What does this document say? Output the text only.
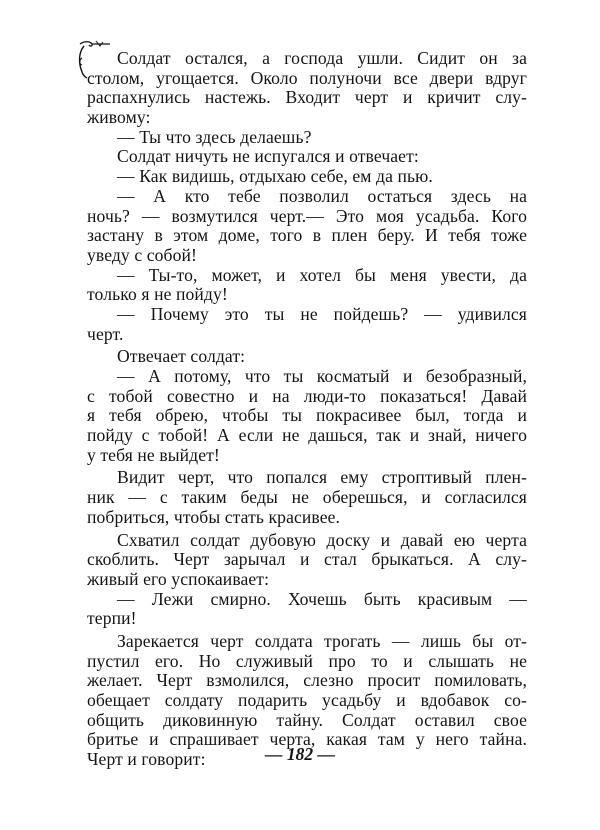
Солдат остался, а господа ушли. Сидит он за
столом, угощается. Около полуночи все двери вдруг
распахнулись настежь. Входит черт и кричит слу-
живому:
— Ты что здесь делаешь?
Солдат ничуть не испугался и отвечает:
— Как видишь, отдыхаю себе, ем да пью.
— А кто тебе позволил остаться здесь на
ночь? — возмутился черт.— Это моя усадьба. Кого
застану в этом доме, того в плен беру. И тебя тоже
уведу с собой!
— Ты-то, может, и хотел бы меня увести, да
только я не пойду!
— Почему это ты не пойдешь? — удивился
черт.
Отвечает солдат:
— А потому, что ты косматый и безобразный,
с тобой совестно и на люди-то показаться! Давай
я тебя обрею, чтобы ты покрасивее был, тогда и
пойду с тобой! А если не дашься, так и знай, ничего
у тебя не выйдет!
Видит черт, что попался ему строптивый плен-
ник — с таким беды не оберешься, и согласился
побриться, чтобы стать красивее.
Схватил солдат дубовую доску и давай ею черта
скоблить. Черт зарычал и стал брыкаться. А слу-
живый его успокаивает:
— Лежи смирно. Хочешь быть красивым —
терпи!
Зарекается черт солдата трогать — лишь бы от-
пустил его. Но служивый про то и слышать не
желает. Черт взмолился, слезно просит помиловать,
обещает солдату подарить усадьбу и вдобавок со-
общить диковинную тайну. Солдат оставил свое
бритье и спрашивает черта, какая там у него тайна.
Черт и говорит:	— 182 —
